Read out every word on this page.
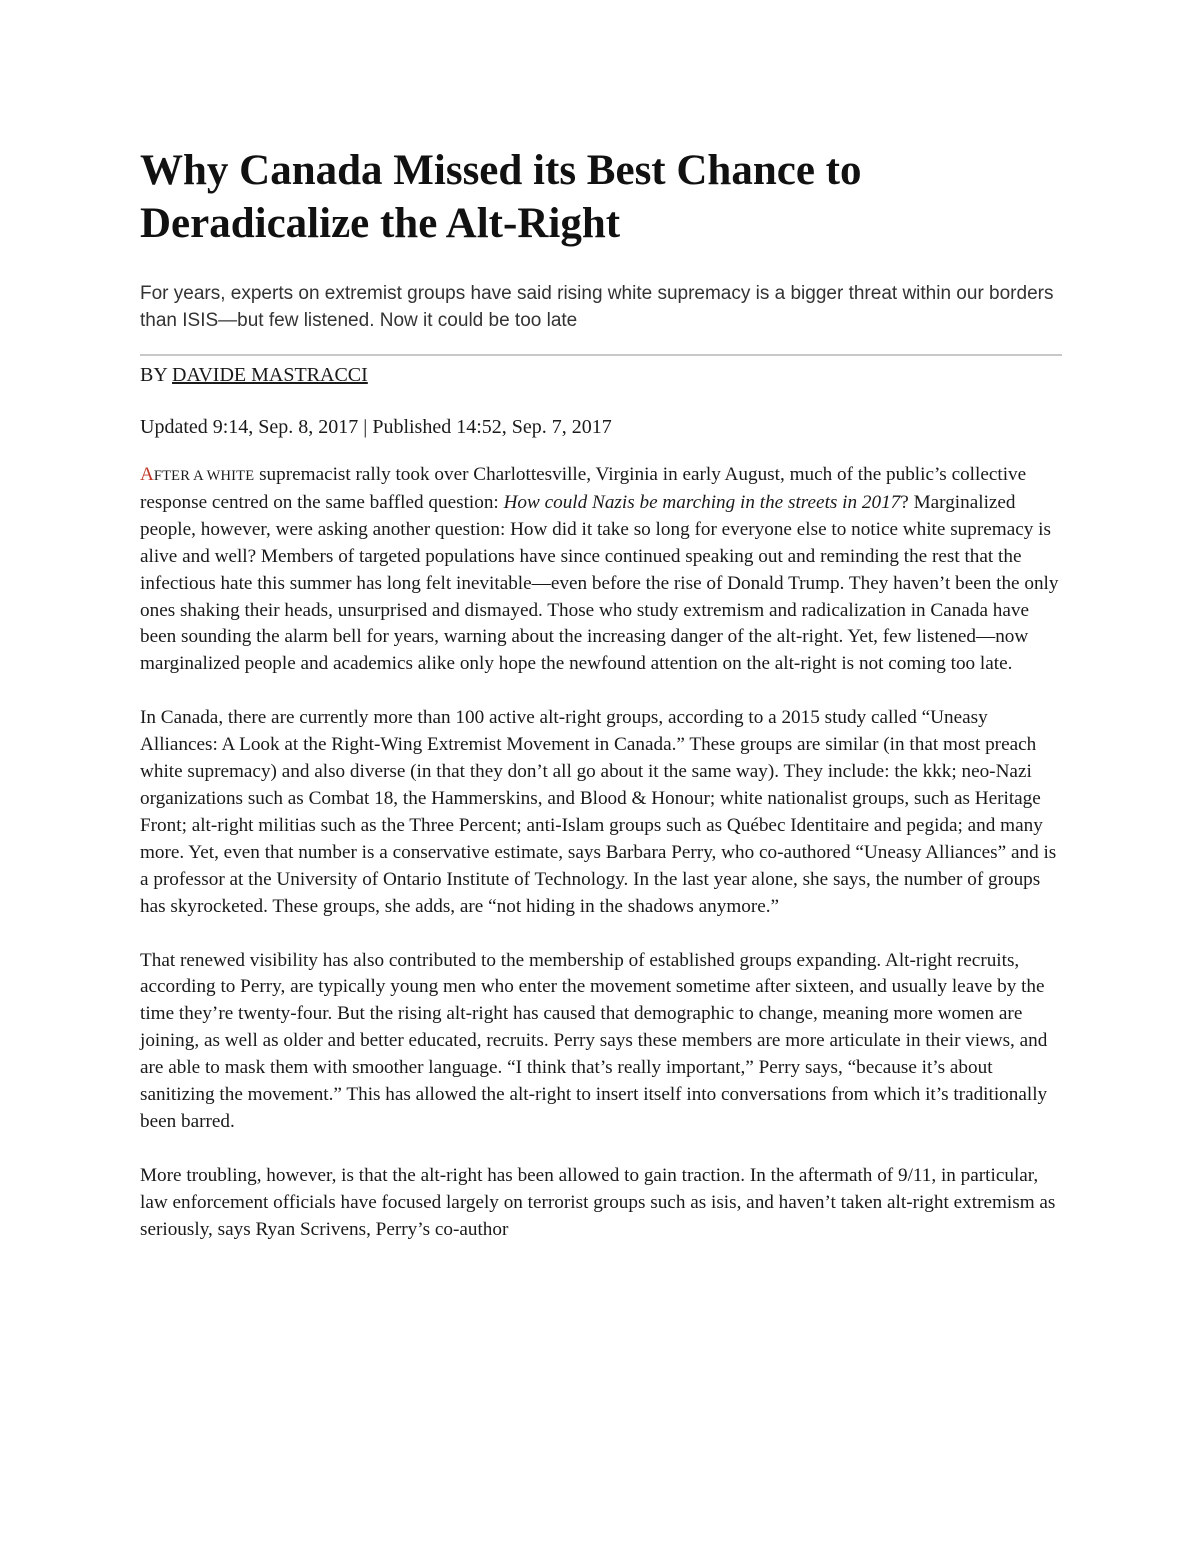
Why Canada Missed its Best Chance to Deradicalize the Alt-Right

For years, experts on extremist groups have said rising white supremacy is a bigger threat within our borders than ISIS—but few listened. Now it could be too late

BY DAVIDE MASTRACCI

Updated 9:14, Sep. 8, 2017 | Published 14:52, Sep. 7, 2017

AFTER A WHITE supremacist rally took over Charlottesville, Virginia in early August, much of the public’s collective response centred on the same baffled question: How could Nazis be marching in the streets in 2017? Marginalized people, however, were asking another question: How did it take so long for everyone else to notice white supremacy is alive and well? Members of targeted populations have since continued speaking out and reminding the rest that the infectious hate this summer has long felt inevitable—even before the rise of Donald Trump. They haven’t been the only ones shaking their heads, unsurprised and dismayed. Those who study extremism and radicalization in Canada have been sounding the alarm bell for years, warning about the increasing danger of the alt-right. Yet, few listened—now marginalized people and academics alike only hope the newfound attention on the alt-right is not coming too late.

In Canada, there are currently more than 100 active alt-right groups, according to a 2015 study called “Uneasy Alliances: A Look at the Right-Wing Extremist Movement in Canada.” These groups are similar (in that most preach white supremacy) and also diverse (in that they don’t all go about it the same way). They include: the kkk; neo-Nazi organizations such as Combat 18, the Hammerskins, and Blood & Honour; white nationalist groups, such as Heritage Front; alt-right militias such as the Three Percent; anti-Islam groups such as Québec Identitaire and pegida; and many more. Yet, even that number is a conservative estimate, says Barbara Perry, who co-authored “Uneasy Alliances” and is a professor at the University of Ontario Institute of Technology. In the last year alone, she says, the number of groups has skyrocketed. These groups, she adds, are “not hiding in the shadows anymore.”

That renewed visibility has also contributed to the membership of established groups expanding. Alt-right recruits, according to Perry, are typically young men who enter the movement sometime after sixteen, and usually leave by the time they’re twenty-four. But the rising alt-right has caused that demographic to change, meaning more women are joining, as well as older and better educated, recruits. Perry says these members are more articulate in their views, and are able to mask them with smoother language. “I think that’s really important,” Perry says, “because it’s about sanitizing the movement.” This has allowed the alt-right to insert itself into conversations from which it’s traditionally been barred.

More troubling, however, is that the alt-right has been allowed to gain traction. In the aftermath of 9/11, in particular, law enforcement officials have focused largely on terrorist groups such as isis, and haven’t taken alt-right extremism as seriously, says Ryan Scrivens, Perry’s co-author
